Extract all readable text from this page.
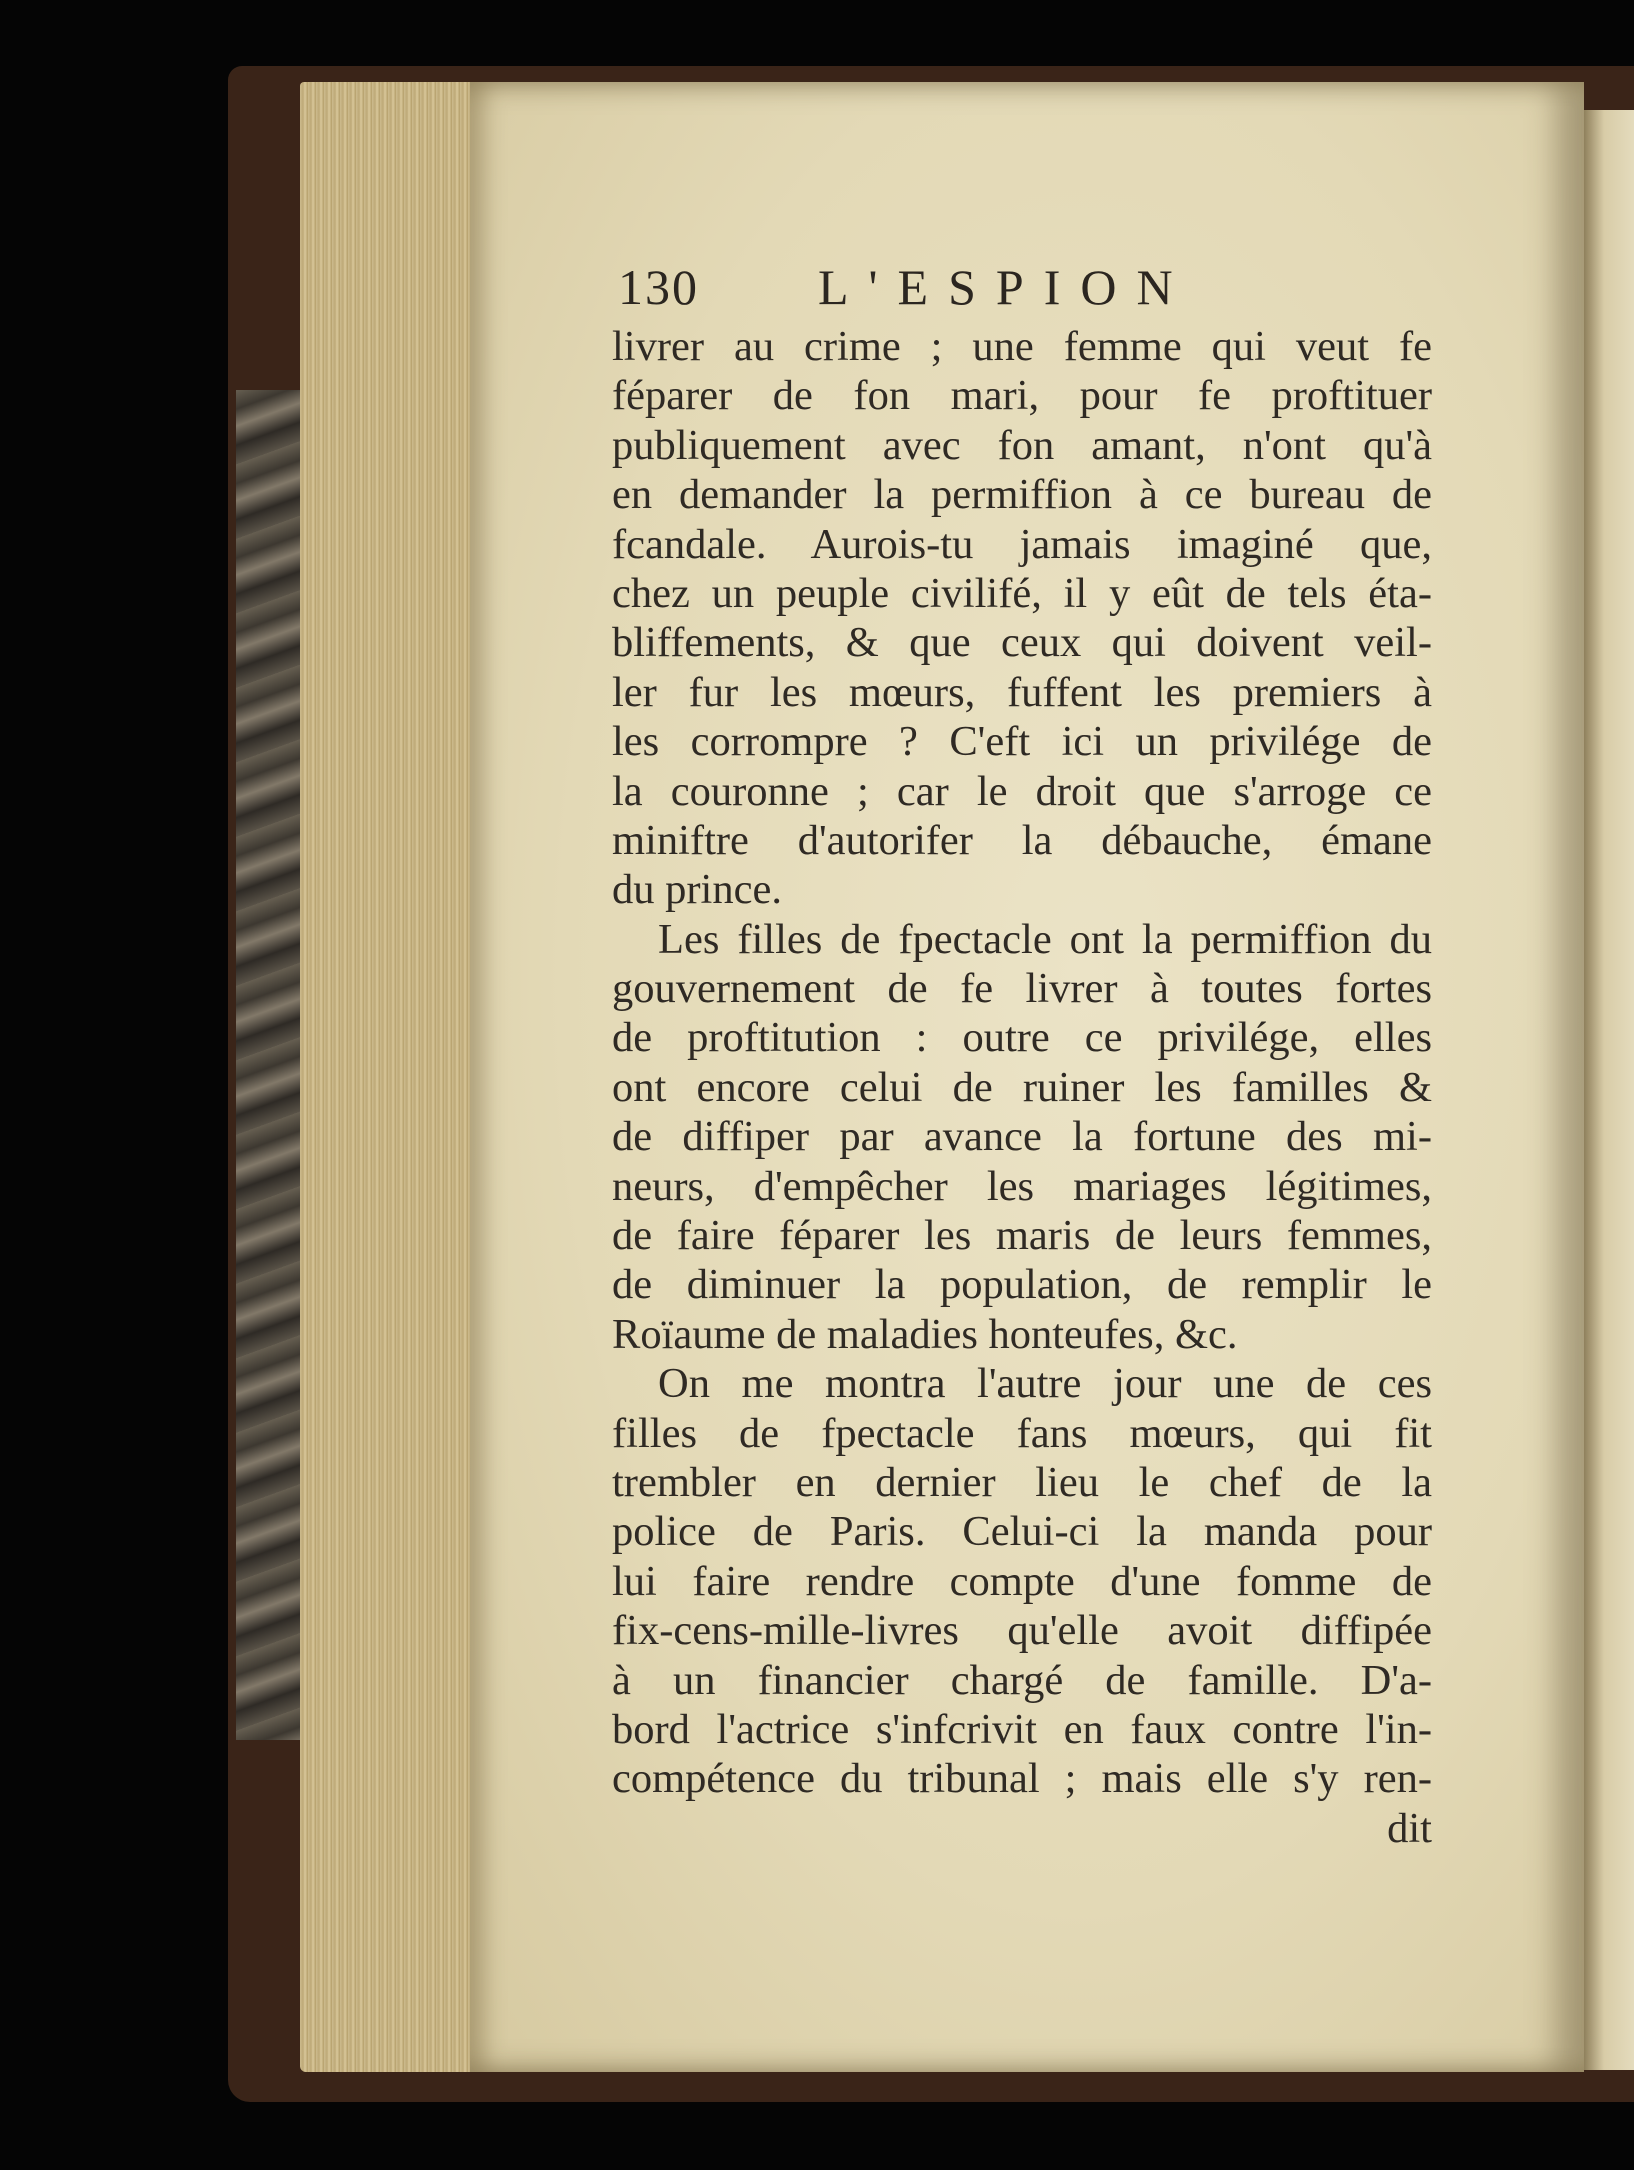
130 L'ESPION
livrer au crime ; une femme qui veut fe
féparer de fon mari, pour fe proftituer
publiquement avec fon amant, n'ont qu'à
en demander la permiffion à ce bureau de
fcandale. Aurois-tu jamais imaginé que,
chez un peuple civilifé, il y eût de tels éta-
bliffements, & que ceux qui doivent veil-
ler fur les mœurs, fuffent les premiers à
les corrompre ? C'eft ici un privilége de
la couronne ; car le droit que s'arroge ce
miniftre d'autorifer la débauche, émane
du prince.
Les filles de fpectacle ont la permiffion du
gouvernement de fe livrer à toutes fortes
de proftitution : outre ce privilége, elles
ont encore celui de ruiner les familles &
de diffiper par avance la fortune des mi-
neurs, d'empêcher les mariages légitimes,
de faire féparer les maris de leurs femmes,
de diminuer la population, de remplir le
Roïaume de maladies honteufes, &c.
On me montra l'autre jour une de ces
filles de fpectacle fans mœurs, qui fit
trembler en dernier lieu le chef de la
police de Paris. Celui-ci la manda pour
lui faire rendre compte d'une fomme de
fix-cens-mille-livres qu'elle avoit diffipée
à un financier chargé de famille. D'a-
bord l'actrice s'infcrivit en faux contre l'in-
compétence du tribunal ; mais elle s'y ren-
dit
